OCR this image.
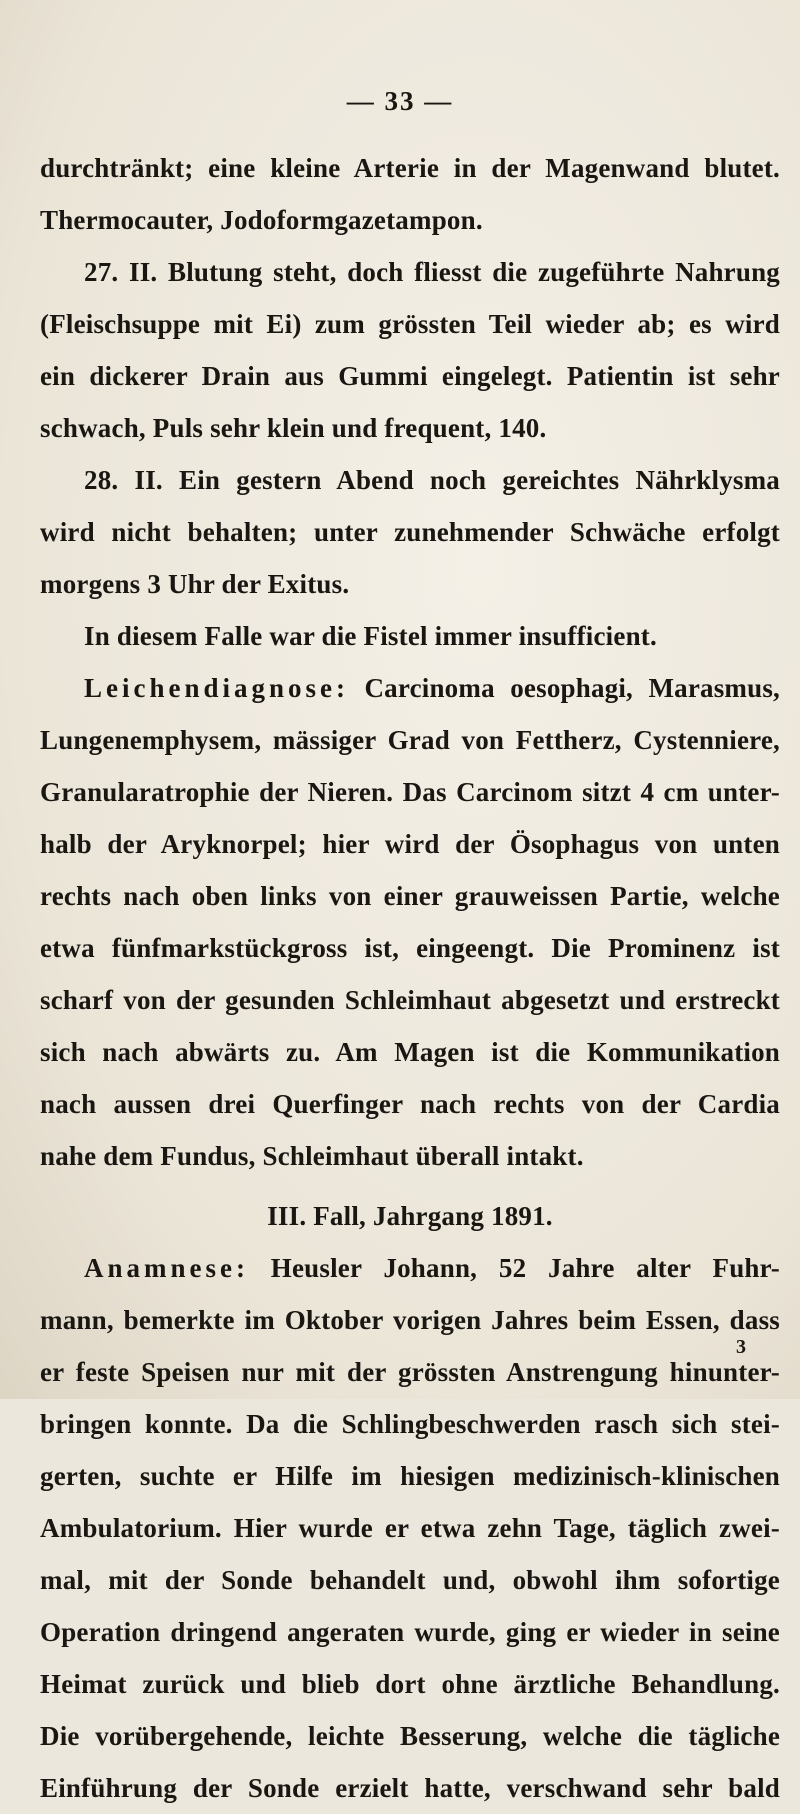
— 33 —
durchtränkt; eine kleine Arterie in der Magenwand blutet.
Thermocauter, Jodoformgazetampon.
27. II. Blutung steht, doch fliesst die zugeführte Nahrung
(Fleischsuppe mit Ei) zum grössten Teil wieder ab; es wird
ein dickerer Drain aus Gummi eingelegt. Patientin ist sehr
schwach, Puls sehr klein und frequent, 140.
28. II. Ein gestern Abend noch gereichtes Nährklysma
wird nicht behalten; unter zunehmender Schwäche erfolgt
morgens 3 Uhr der Exitus.
In diesem Falle war die Fistel immer insufficient.
Leichendiagnose: Carcinoma oesophagi, Marasmus,
Lungenemphysem, mässiger Grad von Fettherz, Cystenniere,
Granularatrophie der Nieren. Das Carcinom sitzt 4 cm unter-
halb der Aryknorpel; hier wird der Ösophagus von unten
rechts nach oben links von einer grauweissen Partie, welche
etwa fünfmarkstückgross ist, eingeengt. Die Prominenz ist
scharf von der gesunden Schleimhaut abgesetzt und erstreckt
sich nach abwärts zu. Am Magen ist die Kommunikation
nach aussen drei Querfinger nach rechts von der Cardia
nahe dem Fundus, Schleimhaut überall intakt.
III. Fall, Jahrgang 1891.
Anamnese: Heusler Johann, 52 Jahre alter Fuhr-
mann, bemerkte im Oktober vorigen Jahres beim Essen, dass
er feste Speisen nur mit der grössten Anstrengung hinunter-
bringen konnte. Da die Schlingbeschwerden rasch sich stei-
gerten, suchte er Hilfe im hiesigen medizinisch-klinischen
Ambulatorium. Hier wurde er etwa zehn Tage, täglich zwei-
mal, mit der Sonde behandelt und, obwohl ihm sofortige
Operation dringend angeraten wurde, ging er wieder in seine
Heimat zurück und blieb dort ohne ärztliche Behandlung.
Die vorübergehende, leichte Besserung, welche die tägliche
Einführung der Sonde erzielt hatte, verschwand sehr bald
3
